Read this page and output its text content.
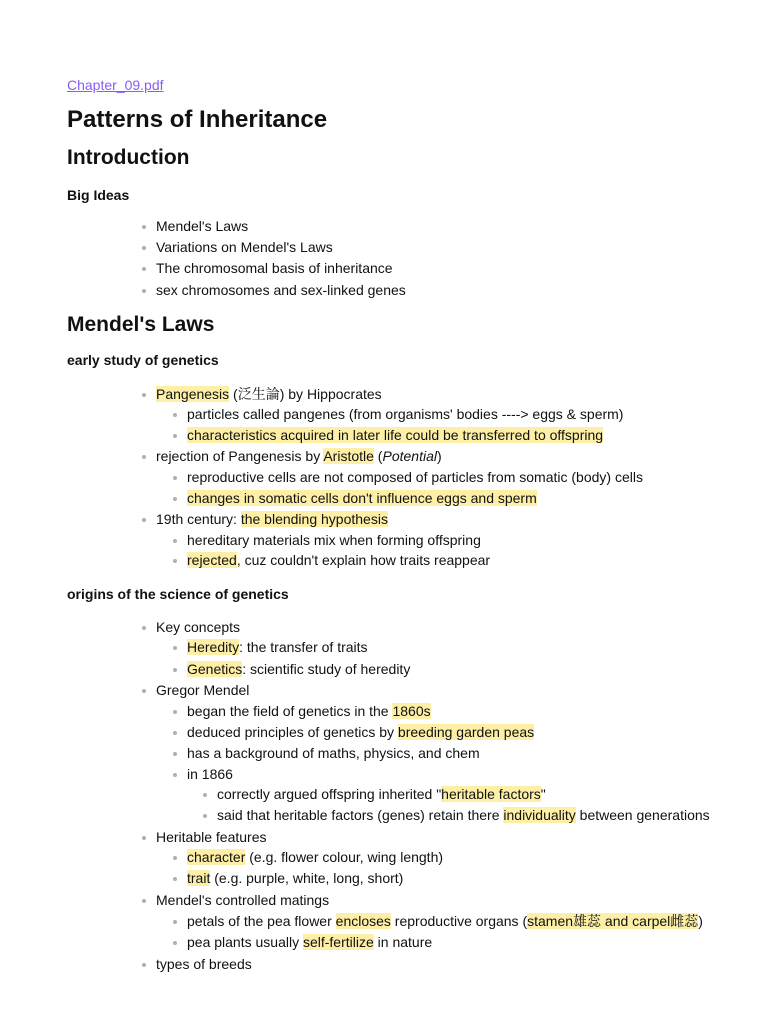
Chapter_09.pdf
Patterns of Inheritance
Introduction
Big Ideas
Mendel's Laws
Variations on Mendel's Laws
The chromosomal basis of inheritance
sex chromosomes and sex-linked genes
Mendel's Laws
early study of genetics
Pangenesis (泛生論) by Hippocrates
particles called pangenes (from organisms' bodies ----> eggs & sperm)
characteristics acquired in later life could be transferred to offspring
rejection of Pangenesis by Aristotle (Potential)
reproductive cells are not composed of particles from somatic (body) cells
changes in somatic cells don't influence eggs and sperm
19th century: the blending hypothesis
hereditary materials mix when forming offspring
rejected, cuz couldn't explain how traits reappear
origins of the science of genetics
Key concepts
Heredity: the transfer of traits
Genetics: scientific study of heredity
Gregor Mendel
began the field of genetics in the 1860s
deduced principles of genetics by breeding garden peas
has a background of maths, physics, and chem
in 1866
correctly argued offspring inherited "heritable factors"
said that heritable factors (genes) retain there individuality between generations
Heritable features
character (e.g. flower colour, wing length)
trait (e.g. purple, white, long, short)
Mendel's controlled matings
petals of the pea flower encloses reproductive organs (stamen雄蕊 and carpel雌蕊)
pea plants usually self-fertilize in nature
types of breeds
